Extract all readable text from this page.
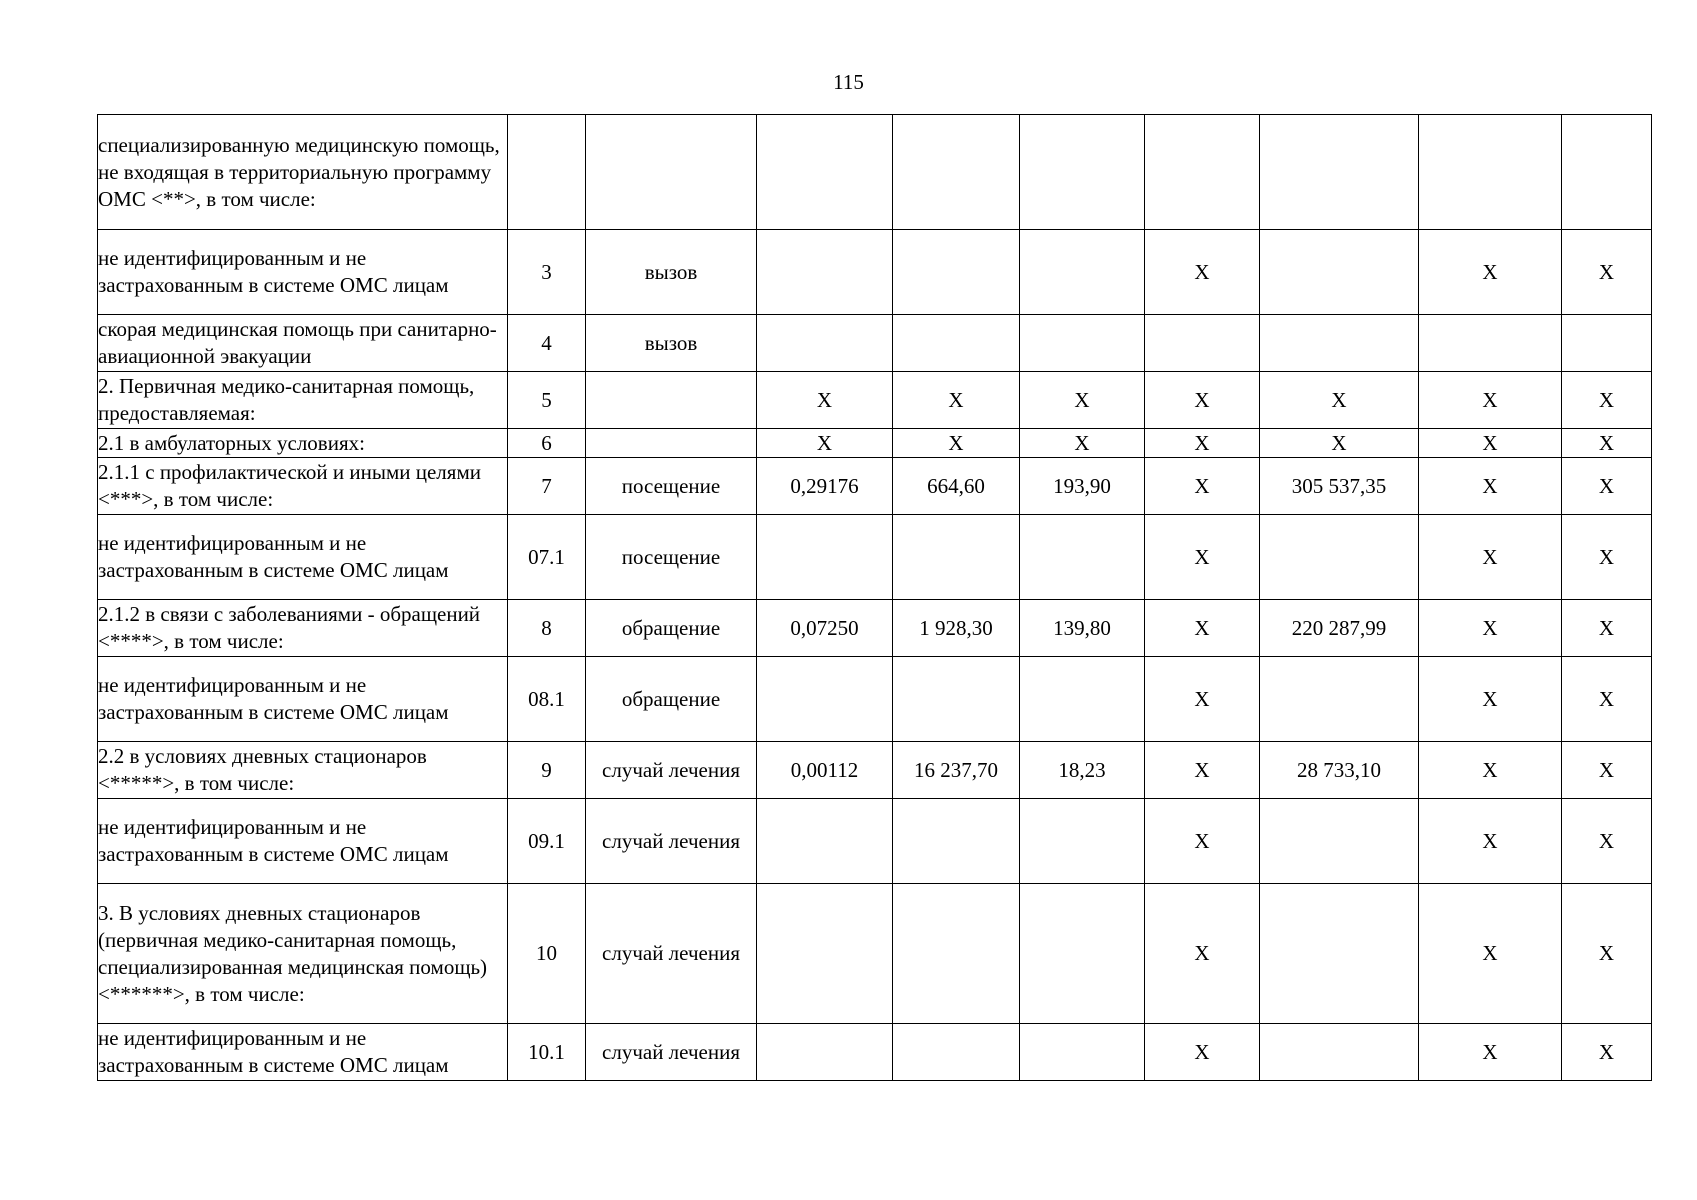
115
специализированную медицинскую помощь, не входящая в территориальную программу ОМС <**>, в том числе:									
не идентифицированным и не застрахованным в системе ОМС лицам	3	вызов				X		X	X
скорая медицинская помощь при санитарно-авиационной эвакуации	4	вызов							
2. Первичная медико-санитарная помощь, предоставляемая:	5		X	X	X	X	X	X	X
2.1 в амбулаторных условиях:	6		X	X	X	X	X	X	X
2.1.1 с профилактической и иными целями <***>, в том числе:	7	посещение	0,29176	664,60	193,90	X	305 537,35	X	X
не идентифицированным и не застрахованным в системе ОМС лицам	07.1	посещение				X		X	X
2.1.2 в связи с заболеваниями - обращений <****>, в том числе:	8	обращение	0,07250	1 928,30	139,80	X	220 287,99	X	X
не идентифицированным и не застрахованным в системе ОМС лицам	08.1	обращение				X		X	X
2.2 в условиях дневных стационаров <*****>, в том числе:	9	случай лечения	0,00112	16 237,70	18,23	X	28 733,10	X	X
не идентифицированным и не застрахованным в системе ОМС лицам	09.1	случай лечения				X		X	X
3. В условиях дневных стационаров (первичная медико-санитарная помощь, специализированная медицинская помощь) <******>, в том числе:	10	случай лечения				X		X	X
не идентифицированным и не застрахованным в системе ОМС лицам	10.1	случай лечения				X		X	X
